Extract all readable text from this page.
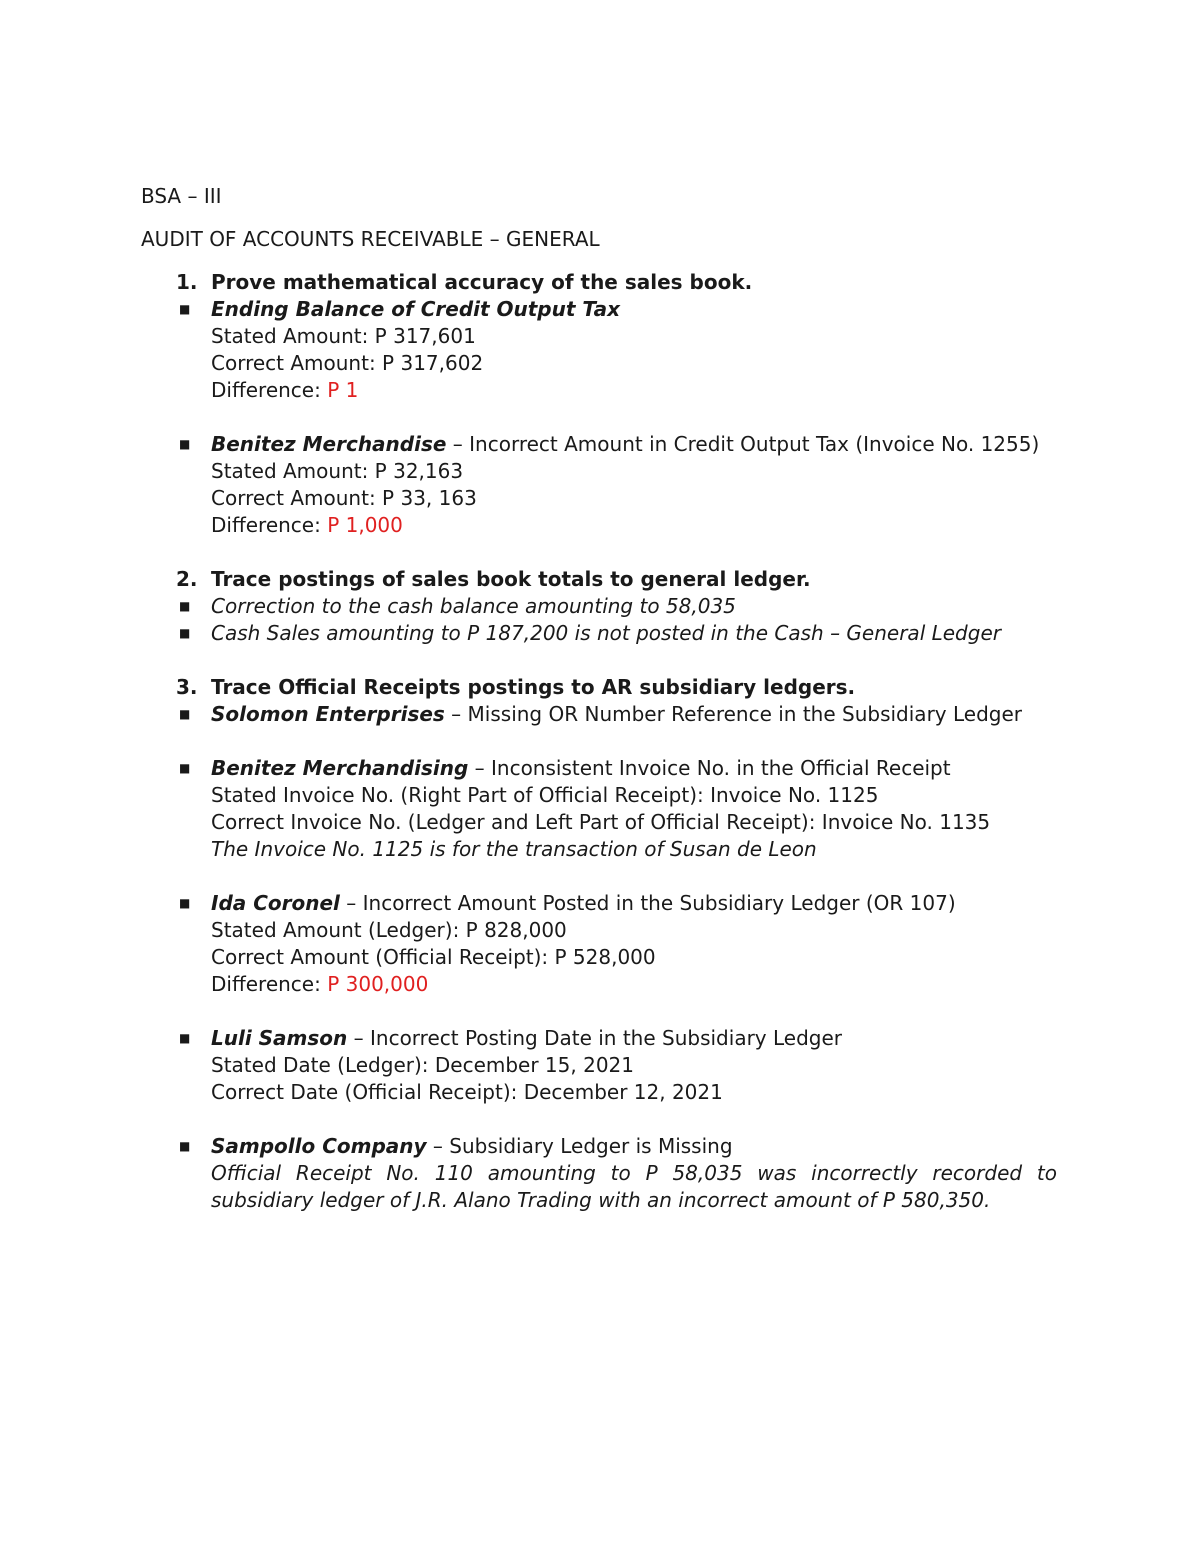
BSA – III
AUDIT OF ACCOUNTS RECEIVABLE – GENERAL
1. Prove mathematical accuracy of the sales book.
■ Ending Balance of Credit Output Tax
Stated Amount: P 317,601
Correct Amount: P 317,602
Difference: P 1
■ Benitez Merchandise – Incorrect Amount in Credit Output Tax (Invoice No. 1255)
Stated Amount: P 32,163
Correct Amount: P 33, 163
Difference: P 1,000
2. Trace postings of sales book totals to general ledger.
■ Correction to the cash balance amounting to 58,035
■ Cash Sales amounting to P 187,200 is not posted in the Cash – General Ledger
3. Trace Official Receipts postings to AR subsidiary ledgers.
■ Solomon Enterprises – Missing OR Number Reference in the Subsidiary Ledger
■ Benitez Merchandising – Inconsistent Invoice No. in the Official Receipt
Stated Invoice No. (Right Part of Official Receipt): Invoice No. 1125
Correct Invoice No. (Ledger and Left Part of Official Receipt): Invoice No. 1135
The Invoice No. 1125 is for the transaction of Susan de Leon
■ Ida Coronel – Incorrect Amount Posted in the Subsidiary Ledger (OR 107)
Stated Amount (Ledger): P 828,000
Correct Amount (Official Receipt): P 528,000
Difference: P 300,000
■ Luli Samson – Incorrect Posting Date in the Subsidiary Ledger
Stated Date (Ledger): December 15, 2021
Correct Date (Official Receipt): December 12, 2021
■ Sampollo Company – Subsidiary Ledger is Missing
Official Receipt No. 110 amounting to P 58,035 was incorrectly recorded to subsidiary ledger of J.R. Alano Trading with an incorrect amount of P 580,350.
